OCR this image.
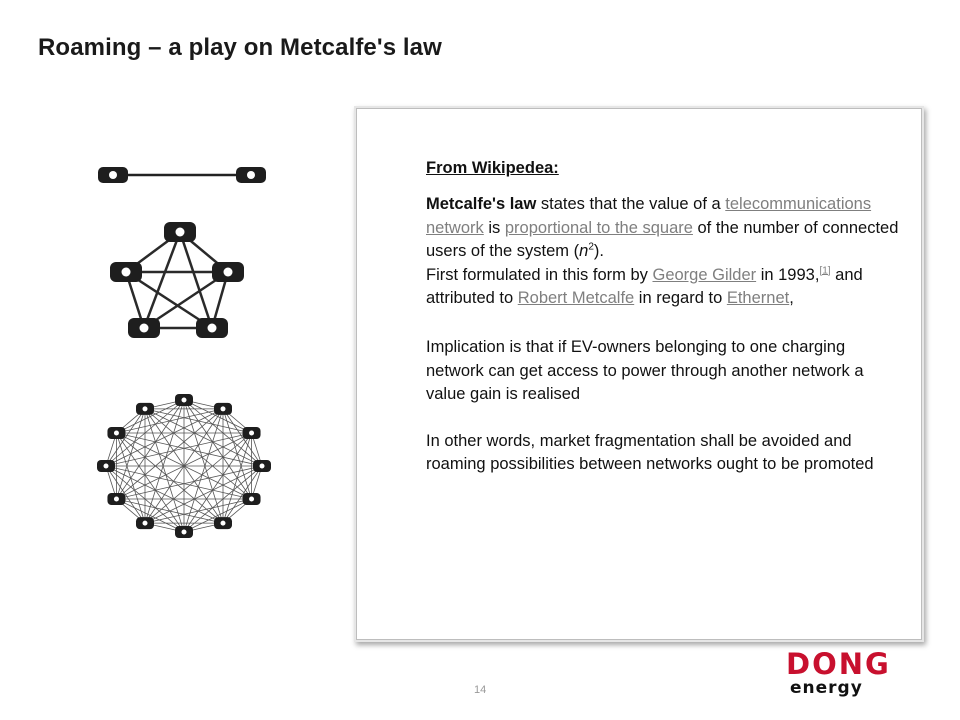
Roaming – a play on Metcalfe's law
From Wikipedea:
Metcalfe's law states that the value of a telecommunications network is proportional to the square of the number of connected users of the system $(n^2)$.
First formulated in this form by George Gilder in 1993,[1] and attributed to Robert Metcalfe in regard to Ethernet,
Implication is that if EV-owners belonging to one charging network can get access to power through another network a value gain is realised
In other words, market fragmentation shall be avoided and roaming possibilities between networks ought to be promoted
14
DONG
energy
